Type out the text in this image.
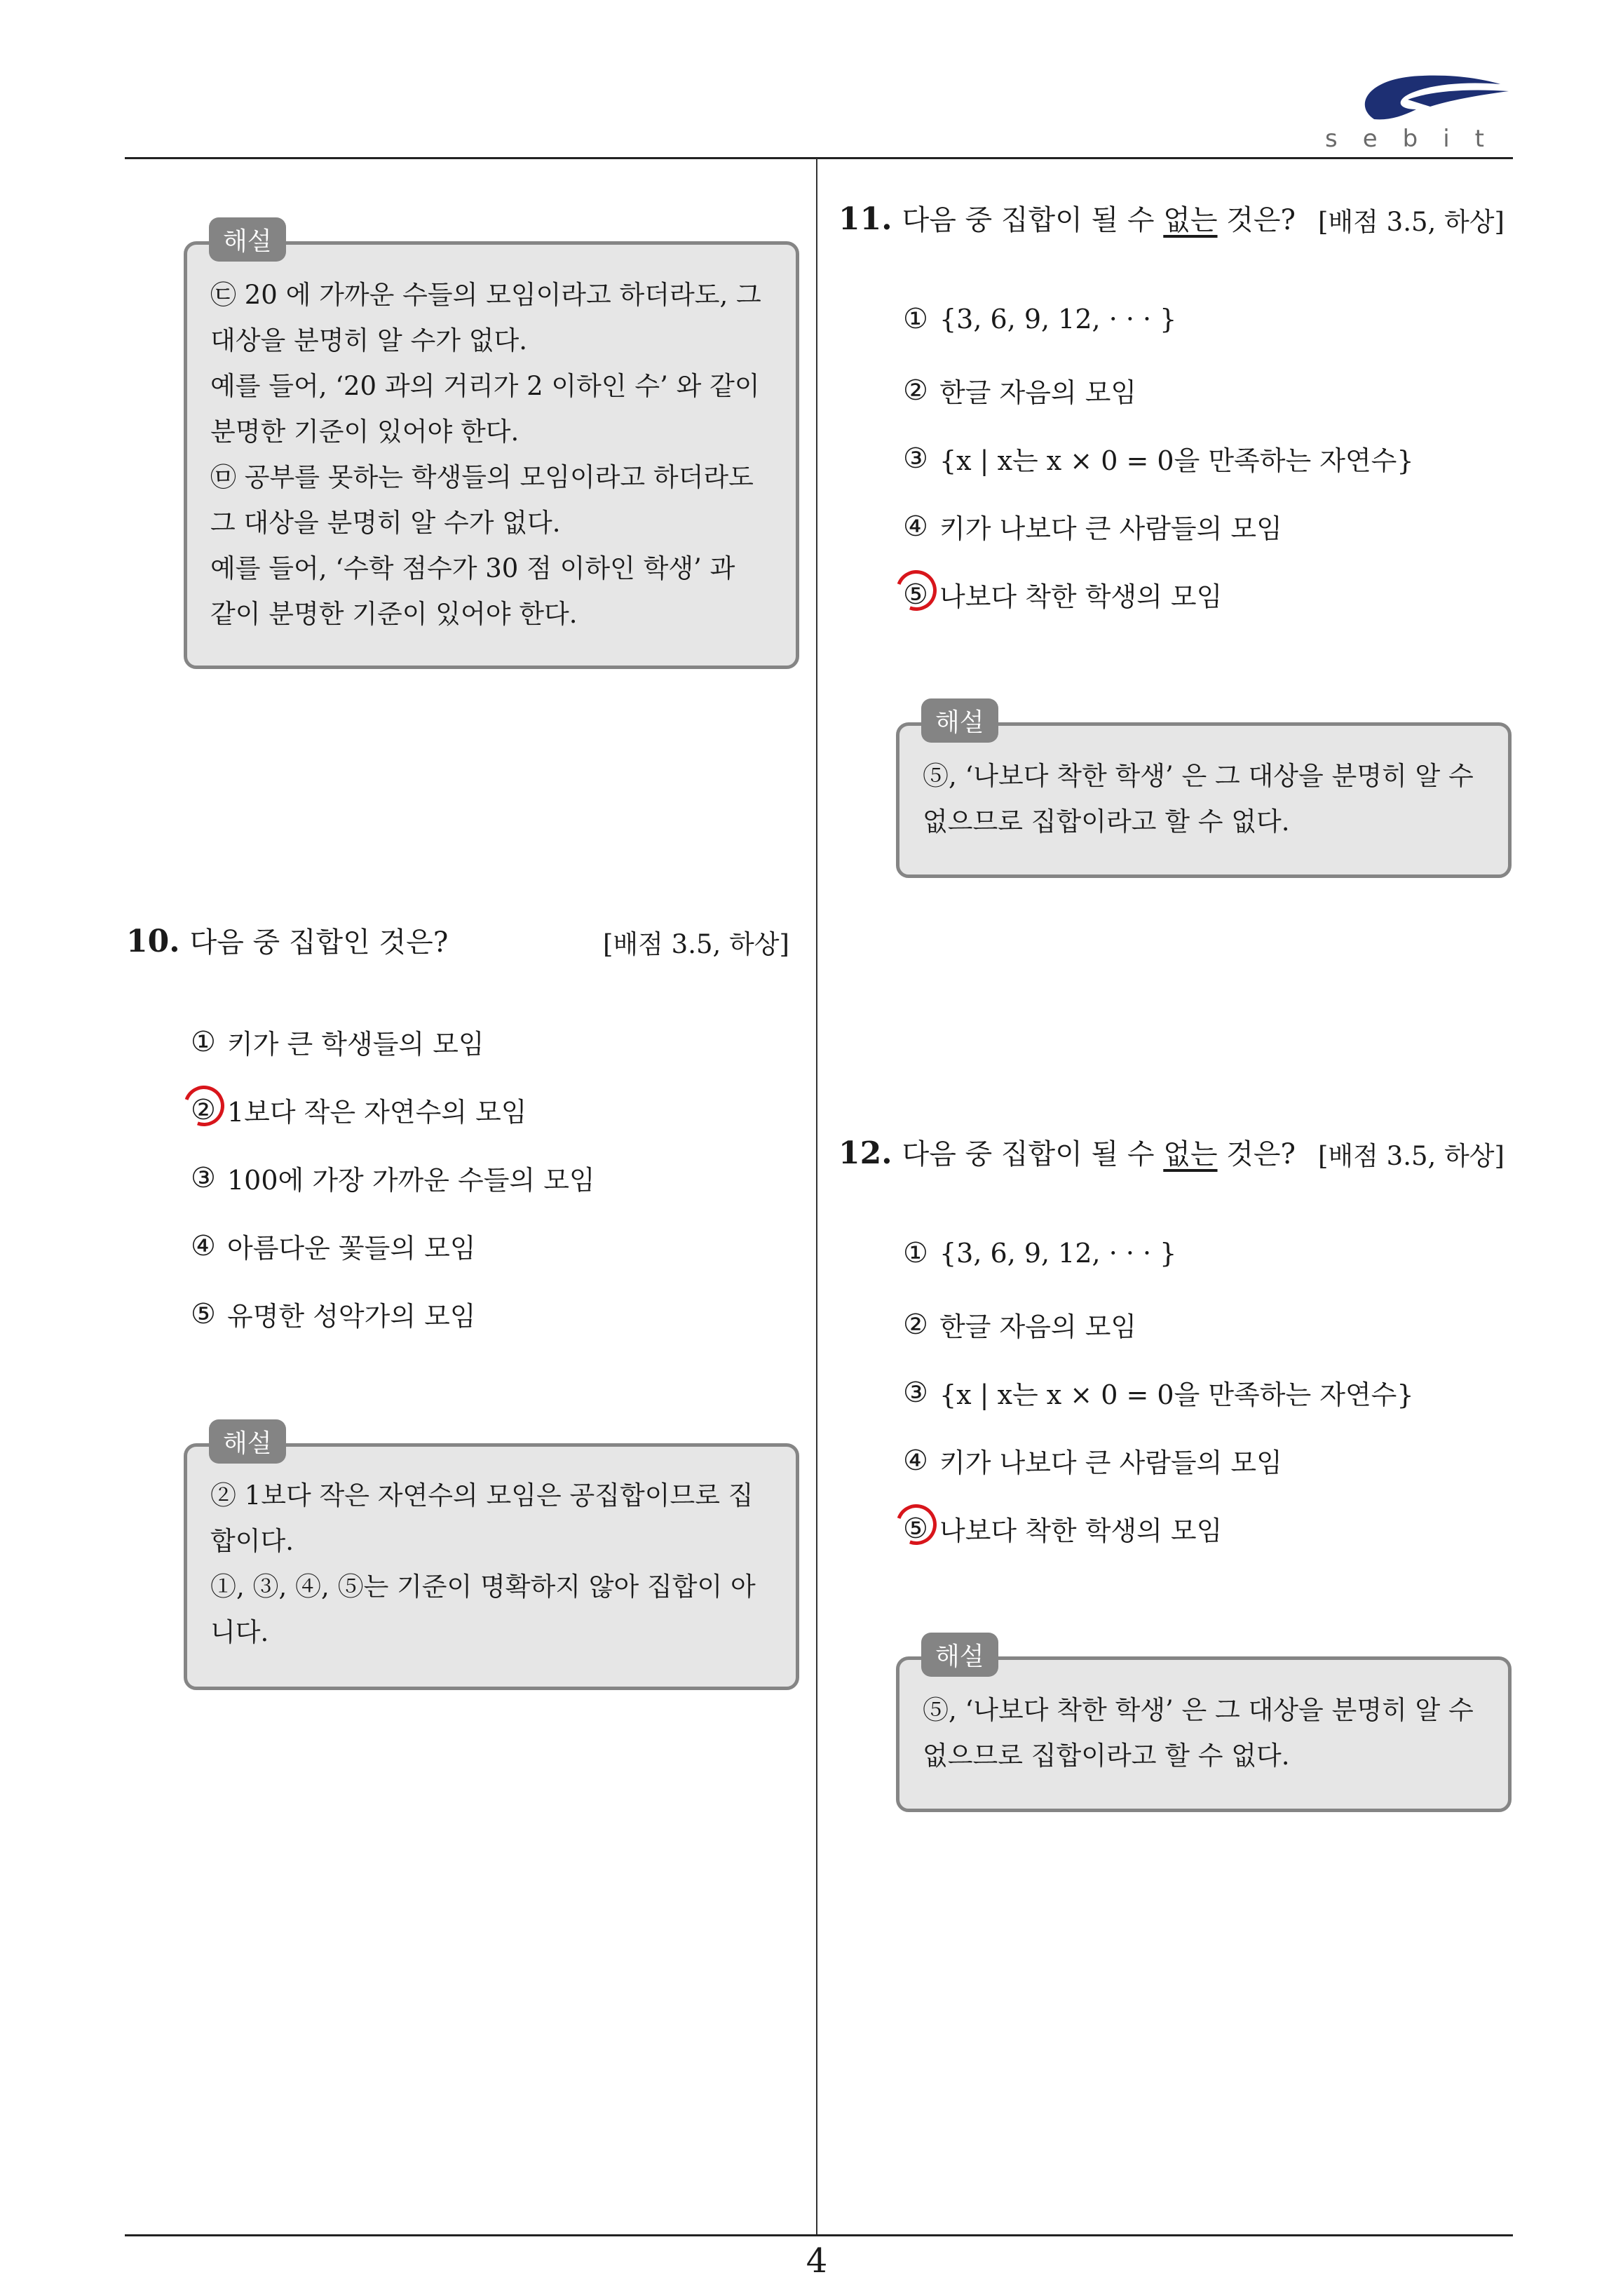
sebit
4
해설
㉢ 20 에 가까운 수들의 모임이라고 하더라도, 그
대상을 분명히 알 수가 없다.
예를 들어, ‘20 과의 거리가 2 이하인 수’ 와 같이
분명한 기준이 있어야 한다.
㉤ 공부를 못하는 학생들의 모임이라고 하더라도
그 대상을 분명히 알 수가 없다.
예를 들어, ‘수학 점수가 30 점 이하인 학생’ 과
같이 분명한 기준이 있어야 한다.
10. 다음 중 집합인 것은?	[배점 3.5, 하상]
① 키가 큰 학생들의 모임
② 1보다 작은 자연수의 모임
③ 100에 가장 가까운 수들의 모임
④ 아름다운 꽃들의 모임
⑤ 유명한 성악가의 모임
해설
② 1보다 작은 자연수의 모임은 공집합이므로 집
합이다.
①, ③, ④, ⑤는 기준이 명확하지 않아 집합이 아
니다.
11. 다음 중 집합이 될 수 없는 것은? [배점 3.5, 하상]
① {3, 6, 9, 12, · · · }
② 한글 자음의 모임
③ {x | x는 x × 0 = 0을 만족하는 자연수}
④ 키가 나보다 큰 사람들의 모임
⑤ 나보다 착한 학생의 모임
해설
⑤, ‘나보다 착한 학생’ 은 그 대상을 분명히 알 수
없으므로 집합이라고 할 수 없다.
12. 다음 중 집합이 될 수 없는 것은? [배점 3.5, 하상]
① {3, 6, 9, 12, · · · }
② 한글 자음의 모임
③ {x | x는 x × 0 = 0을 만족하는 자연수}
④ 키가 나보다 큰 사람들의 모임
⑤ 나보다 착한 학생의 모임
해설
⑤, ‘나보다 착한 학생’ 은 그 대상을 분명히 알 수
없으므로 집합이라고 할 수 없다.
